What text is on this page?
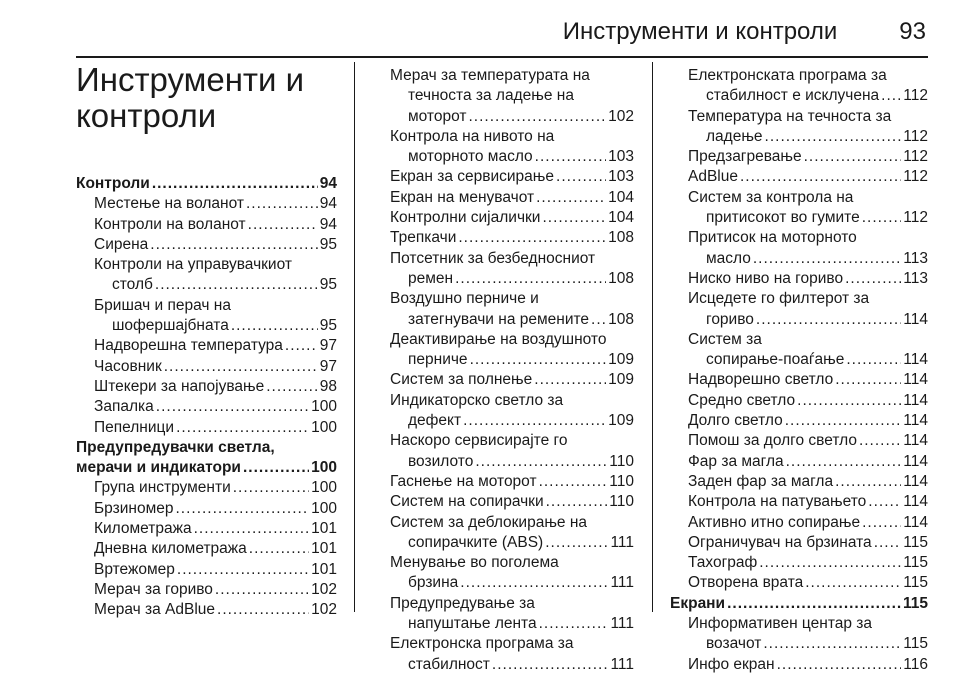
Инструменти и контроли	93
Инструменти и контроли
Контроли .....	94
Местење на воланот .....	94
Контроли на воланот .....	94
Сирена .....	95
Контроли на управувачкиот
столб .....	95
Бришач и перач на
шофершајбната .....	95
Надворешна температура ..... 97
Часовник .....	97
Штекери за напојување .....	98
Запалка .....	100
Пепелници .....	100
Предупредувачки светла,
мерачи и индикатори .....	100
Група инструменти .....	100
Брзиномер .....	100
Километража .....	101
Дневна километража .....	101
Вртежомер .....	101
Мерач за гориво .....	102
Мерач за AdBlue .....	102
Мерач за температурата на
течноста за ладење на
моторот .....	102
Контрола на нивото на
моторното масло .....	103
Екран за сервисирање .....	103
Екран на менувачот .....	104
Контролни сијалички .....	104
Трепкачи .....	108
Потсетник за безбедносниот
ремен .....	108
Воздушно перниче и
затегнувачи на ремените ..... 108
Деактивирање на воздушното
перниче .....	109
Систем за полнење .....	109
Индикаторско светло за
дефект .....	109
Наскоро сервисирајте го
возилото .....	110
Гаснење на моторот .....	110
Систем на сопирачки .....	110
Систем за деблокирање на
сопирачките (ABS) .....	111
Менување во поголема
брзина .....	111
Предупредување за
напуштање лента .....	111
Електронска програма за
стабилност .....	111
Електронската програма за
стабилност е исклучена ..... 112
Температура на течноста за
ладење .....	112
Предзагревање .....	112
AdBlue .....	112
Систем за контрола на
притисокот во гумите .....	112
Притисок на моторното
масло .....	113
Ниско ниво на гориво .....	113
Исцедете го филтерот за
гориво .....	114
Систем за
сопирање-поаѓање .....	114
Надворешно светло .....	114
Средно светло .....	114
Долго светло .....	114
Помош за долго светло .....	114
Фар за магла .....	114
Заден фар за магла .....	114
Контрола на патувањето ..... 114
Активно итно сопирање .....	114
Ограничувач на брзината ..... 115
Тахограф .....	115
Отворена врата .....	115
Екрани .....	115
Информативен центар за
возачот .....	115
Инфо екран .....	116
